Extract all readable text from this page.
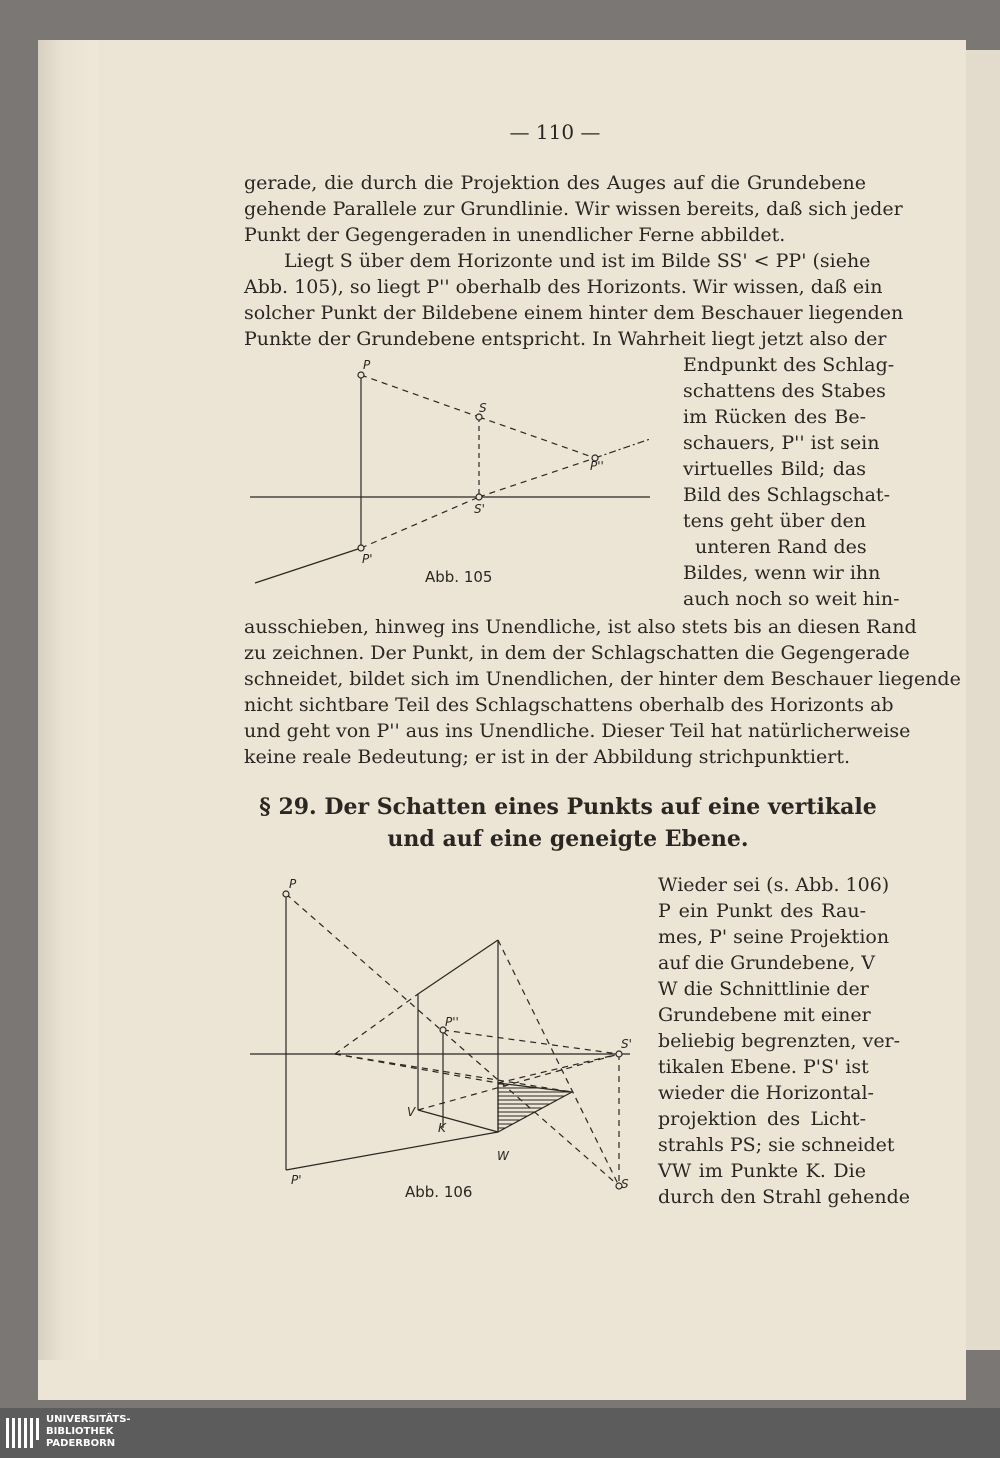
— 110 —
gerade, die durch die Projektion des Auges auf die Grundebene
gehende Parallele zur Grundlinie. Wir wissen bereits, daß sich jeder
Punkt der Gegengeraden in unendlicher Ferne abbildet.
Liegt S über dem Horizonte und ist im Bilde SS' < PP' (siehe
Abb. 105), so liegt P'' oberhalb des Horizonts. Wir wissen, daß ein
solcher Punkt der Bildebene einem hinter dem Beschauer liegenden
Punkte der Grundebene entspricht. In Wahrheit liegt jetzt also der
P
S
P''
S'
P'
Abb. 105
Endpunkt des Schlag-
schattens des Stabes
im Rücken des Be-
schauers, P'' ist sein
virtuelles Bild; das
Bild des Schlagschat-
tens geht über den
unteren Rand des
Bildes, wenn wir ihn
auch noch so weit hin-
ausschieben, hinweg ins Unendliche, ist also stets bis an diesen Rand
zu zeichnen. Der Punkt, in dem der Schlagschatten die Gegengerade
schneidet, bildet sich im Unendlichen, der hinter dem Beschauer liegende
nicht sichtbare Teil des Schlagschattens oberhalb des Horizonts ab
und geht von P'' aus ins Unendliche. Dieser Teil hat natürlicherweise
keine reale Bedeutung; er ist in der Abbildung strichpunktiert.
§ 29. Der Schatten eines Punkts auf eine vertikale
und auf eine geneigte Ebene.
P
P''
S'
V
K
W
P'	S
Abb. 106
Wieder sei (s. Abb. 106)
P ein Punkt des Rau-
mes, P' seine Projektion
auf die Grundebene, V
W die Schnittlinie der
Grundebene mit einer
beliebig begrenzten, ver-
tikalen Ebene. P'S' ist
wieder die Horizontal-
projektion des Licht-
strahls PS; sie schneidet
VW im Punkte K. Die
durch den Strahl gehende
UNIVERSITÄTS-
BIBLIOTHEK
PADERBORN
